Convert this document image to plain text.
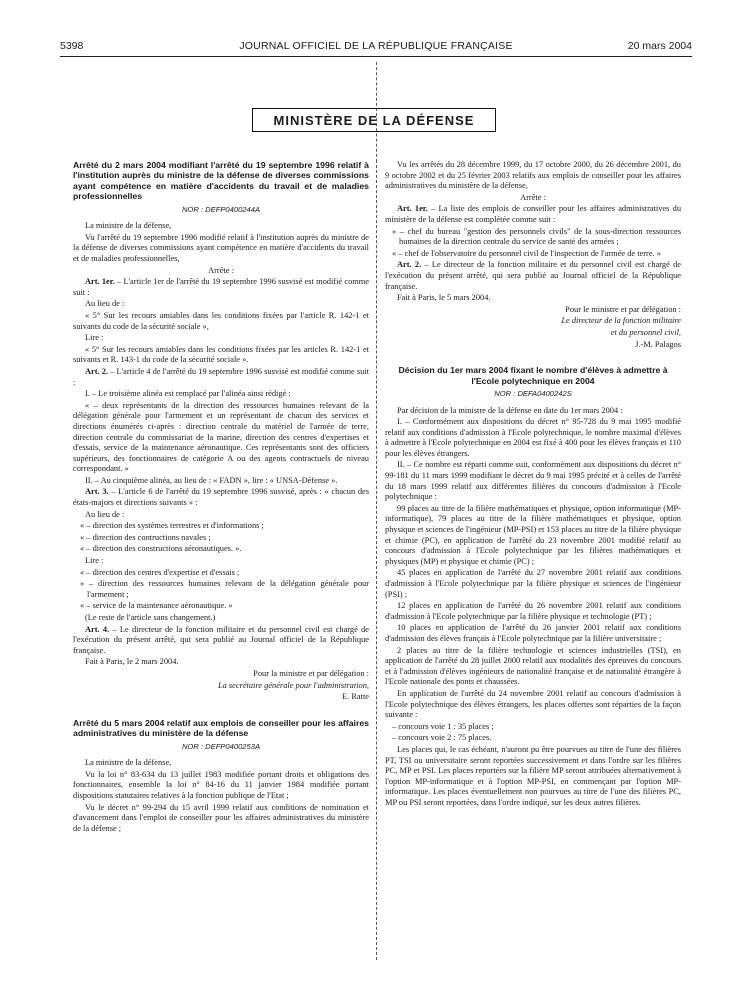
5398	JOURNAL OFFICIEL DE LA RÉPUBLIQUE FRANÇAISE	20 mars 2004
MINISTÈRE DE LA DÉFENSE
Arrêté du 2 mars 2004 modifiant l'arrêté du 19 septembre 1996 relatif à l'institution auprès du ministre de la défense de diverses commissions ayant compétence en matière d'accidents du travail et de maladies professionnelles
NOR : DEFP0400244A

La ministre de la défense,

Vu l'arrêté du 19 septembre 1996 modifié relatif à l'institution auprès du ministre de la défense de diverses commissions ayant compétence en matière d'accidents du travail et de maladies professionnelles,

Arrête :

Art. 1er. – L'article 1er de l'arrêté du 19 septembre 1996 susvisé est modifié comme suit :

Au lieu de :

« 5° Sur les recours amiables dans les conditions fixées par l'article R. 142-1 et suivants du code de la sécurité sociale »,

Lire :

« 5° Sur les recours amiables dans les conditions fixées par les articles R. 142-1 et suivants et R. 143-1 du code de la sécurité sociale ».

Art. 2. – L'article 4 de l'arrêté du 19 septembre 1996 susvisé est modifié comme suit :

I. – Le troisième alinéa est remplacé par l'alinéa ainsi rédigé :

« – deux représentants de la direction des ressources humaines relevant de la délégation générale pour l'armement et un représentant de chacun des services et directions énumérés ci-après : direction centrale du matériel de l'armée de terre, direction centrale du commissariat de la marine, direction des centres d'expertises et d'essais, service de la maintenance aéronautique. Ces représentants sont des officiers supérieurs, des fonctionnaires de catégorie A ou des agents contractuels de niveau correspondant. »

II. – Au cinquième alinéa, au lieu de : « FADN », lire : « UNSA-Défense ».

Art. 3. – L'article 6 de l'arrêté du 19 septembre 1996 susvisé, après : « chacun des états-majors et directions suivants » :

Au lieu de :

« – direction des systèmes terrestres et d'informations ;

« – direction des contructions navales ;

« – direction des constructions aéronautiques. ».

Lire :

« – direction des centres d'expertise et d'essais ;

« – direction des ressources humaines relevant de la délégation générale pour l'armement ;

« – service de la maintenance aéronautique. »

(Le reste de l'article sans changement.)

Art. 4. – Le directeur de la fonction militaire et du personnel civil est chargé de l'exécution du présent arrêté, qui sera publié au Journal officiel de la République française.

Fait à Paris, le 2 mars 2004.

Pour la ministre et par délégation :

La secrétaire générale pour l'administration,

E. Ratte

Arrêté du 5 mars 2004 relatif aux emplois de conseiller pour les affaires administratives du ministère de la défense
NOR : DEFP0400253A

La ministre de la défense,

Vu la loi n° 83-634 du 13 juillet 1983 modifiée portant droits et obligations des fonctionnaires, ensemble la loi n° 84-16 du 11 janvier 1984 modifiée portant dispositions statutaires relatives à la fonction publique de l'Etat ;

Vu le décret n° 99-294 du 15 avril 1999 relatif aux conditions de nomination et d'avancement dans l'emploi de conseiller pour les affaires administratives du ministère de la défense ;

Vu les arrêtés du 28 décembre 1999, du 17 octobre 2000, du 26 décembre 2001, du 9 octobre 2002 et du 25 février 2003 relatifs aux emplois de conseiller pour les affaires administratives du ministère de la défense,

Arrête :

Art. 1er. – La liste des emplois de conseiller pour les affaires administratives du ministère de la défense est complétée comme suit :

« – chef du bureau "gestion des personnels civils" de la sous-direction ressources humaines de la direction centrale du service de santé des armées ;

« – chef de l'observatoire du personnel civil de l'inspection de l'armée de terre. »

Art. 2. – Le directeur de la fonction militaire et du personnel civil est chargé de l'exécution du présent arrêté, qui sera publié au Journal officiel de la République française.

Fait à Paris, le 5 mars 2004.

Pour le ministre et par délégation :

Le directeur de la fonction militaire

et du personnel civil,

J.-M. Palagos

Décision du 1er mars 2004 fixant le nombre d'élèves à admettre à l'Ecole polytechnique en 2004
NOR : DEFA0400242S

Par décision de la ministre de la défense en date du 1er mars 2004 :

I. – Conformément aux dispositions du décret n° 95-728 du 9 mai 1995 modifié relatif aux conditions d'admission à l'Ecole polytechnique, le nombre maximal d'élèves à admettre à l'Ecole polytechnique en 2004 est fixé à 400 pour les élèves français et 110 pour les élèves étrangers.

II. – Ce nombre est réparti comme suit, conformément aux dispositions du décret n° 99-181 du 11 mars 1999 modifiant le décret du 9 mai 1995 précité et à celles de l'arrêté du 18 mars 1999 relatif aux différentes filières du concours d'admission à l'Ecole polytechnique :

99 places au titre de la filière mathématiques et physique, option informatique (MP-informatique), 79 places au titre de la filière mathématiques et physique, option physique et sciences de l'ingénieur (MP-PSI) et 153 places au titre de la filière physique et chimie (PC), en application de l'arrêté du 23 novembre 2001 modifié relatif au concours d'admission à l'Ecole polytechnique par les filières mathématiques et physiques (MP) et physique et chimie (PC) ;

45 places en application de l'arrêté du 27 novembre 2001 relatif aux conditions d'admission à l'Ecole polytechnique par la filière physique et sciences de l'ingénieur (PSI) ;

12 places en application de l'arrêté du 26 novembre 2001 relatif aux conditions d'admission à l'Ecole polytechnique par la filière physique et technologie (PT) ;

10 places en application de l'arrêté du 26 janvier 2001 relatif aux conditions d'admission des élèves français à l'Ecole polytechnique par la filière universitaire ;

2 places au titre de la filière technologie et sciences industrielles (TSI), en application de l'arrêté du 28 juillet 2000 relatif aux modalités des épreuves du concours et à l'admission d'élèves ingénieurs de nationalité française et de nationalité étrangère à l'Ecole nationale des ponts et chaussées.

En application de l'arrêté du 24 novembre 2001 relatif au concours d'admission à l'Ecole polytechnique des élèves étrangers, les places offertes sont réparties de la façon suivante :

– concours voie 1 : 35 places ;

– concours voie 2 : 75 places.

Les places qui, le cas échéant, n'auront pu être pourvues au titre de l'une des filières PT, TSI ou universitaire seront reportées successivement et dans l'ordre sur les filières PC, MP et PSI. Les places reportées sur la filière MP seront attribuées alternativement à l'option MP-informatique et à l'option MP-PSI, en commençant par l'option MP-informatique. Les places éventuellement non pourvues au titre de l'une des filières PC, MP ou PSI seront reportées, dans l'ordre indiqué, sur les deux autres filières.
